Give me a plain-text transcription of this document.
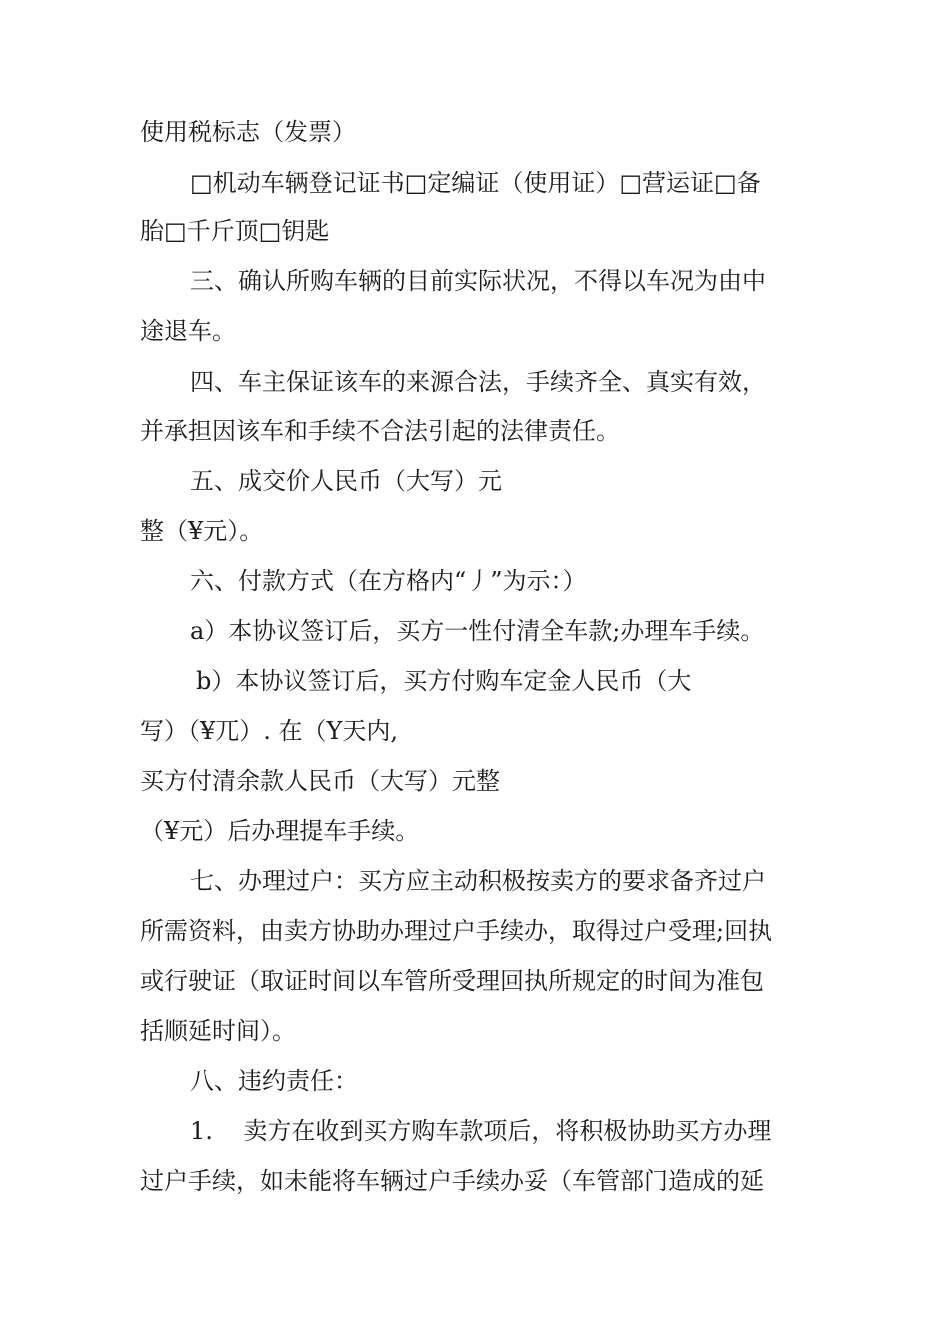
使用税标志（发票）
□机动车辆登记证书□定编证（使用证）□营运证□备
胎□千斤顶□钥匙
三、确认所购车辆的目前实际状况，不得以车况为由中
途退车。
四、车主保证该车的来源合法，手续齐全、真实有效，
并承担因该车和手续不合法引起的法律责任。
五、成交价人民币（大写）元
整（¥元）。
六、付款方式（在方格内“丿”为示：）
a）本协议签订后，买方一性付清全车款;办理车手续。
b）本协议签订后，买方付购车定金人民币（大
写）（¥兀）. 在（Y天内,
买方付清余款人民币（大写）元整
（¥元）后办理提车手续。
七、办理过户：买方应主动积极按卖方的要求备齐过户
所需资料，由卖方协助办理过户手续办，取得过户受理;回执
或行驶证（取证时间以车管所受理回执所规定的时间为准包
括顺延时间）。
八、违约责任：
1.    卖方在收到买方购车款项后，将积极协助买方办理
过户手续，如未能将车辆过户手续办妥（车管部门造成的延
